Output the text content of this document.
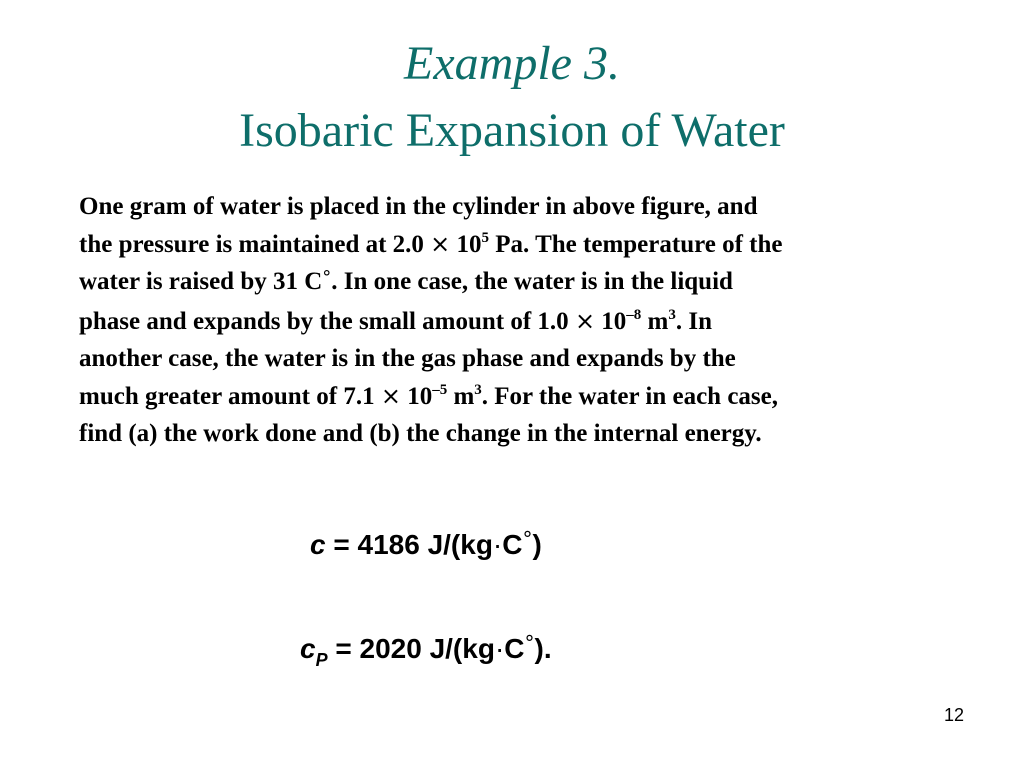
Example 3.
Isobaric Expansion of Water
One gram of water is placed in the cylinder in above figure, and
the pressure is maintained at $2.0 \times 10^5$ Pa. The temperature of the
water is raised by 31 C°. In one case, the water is in the liquid
phase and expands by the small amount of $1.0 \times 10^{-8}$ $m^3$. In
another case, the water is in the gas phase and expands by the
much greater amount of $7.1 \times 10^{-5}$ $m^3$. For the water in each case,
find (a) the work done and (b) the change in the internal energy.
c = 4186 J/(kg·C°)
$c_P = 2020$ J/(kg·C°).
12
